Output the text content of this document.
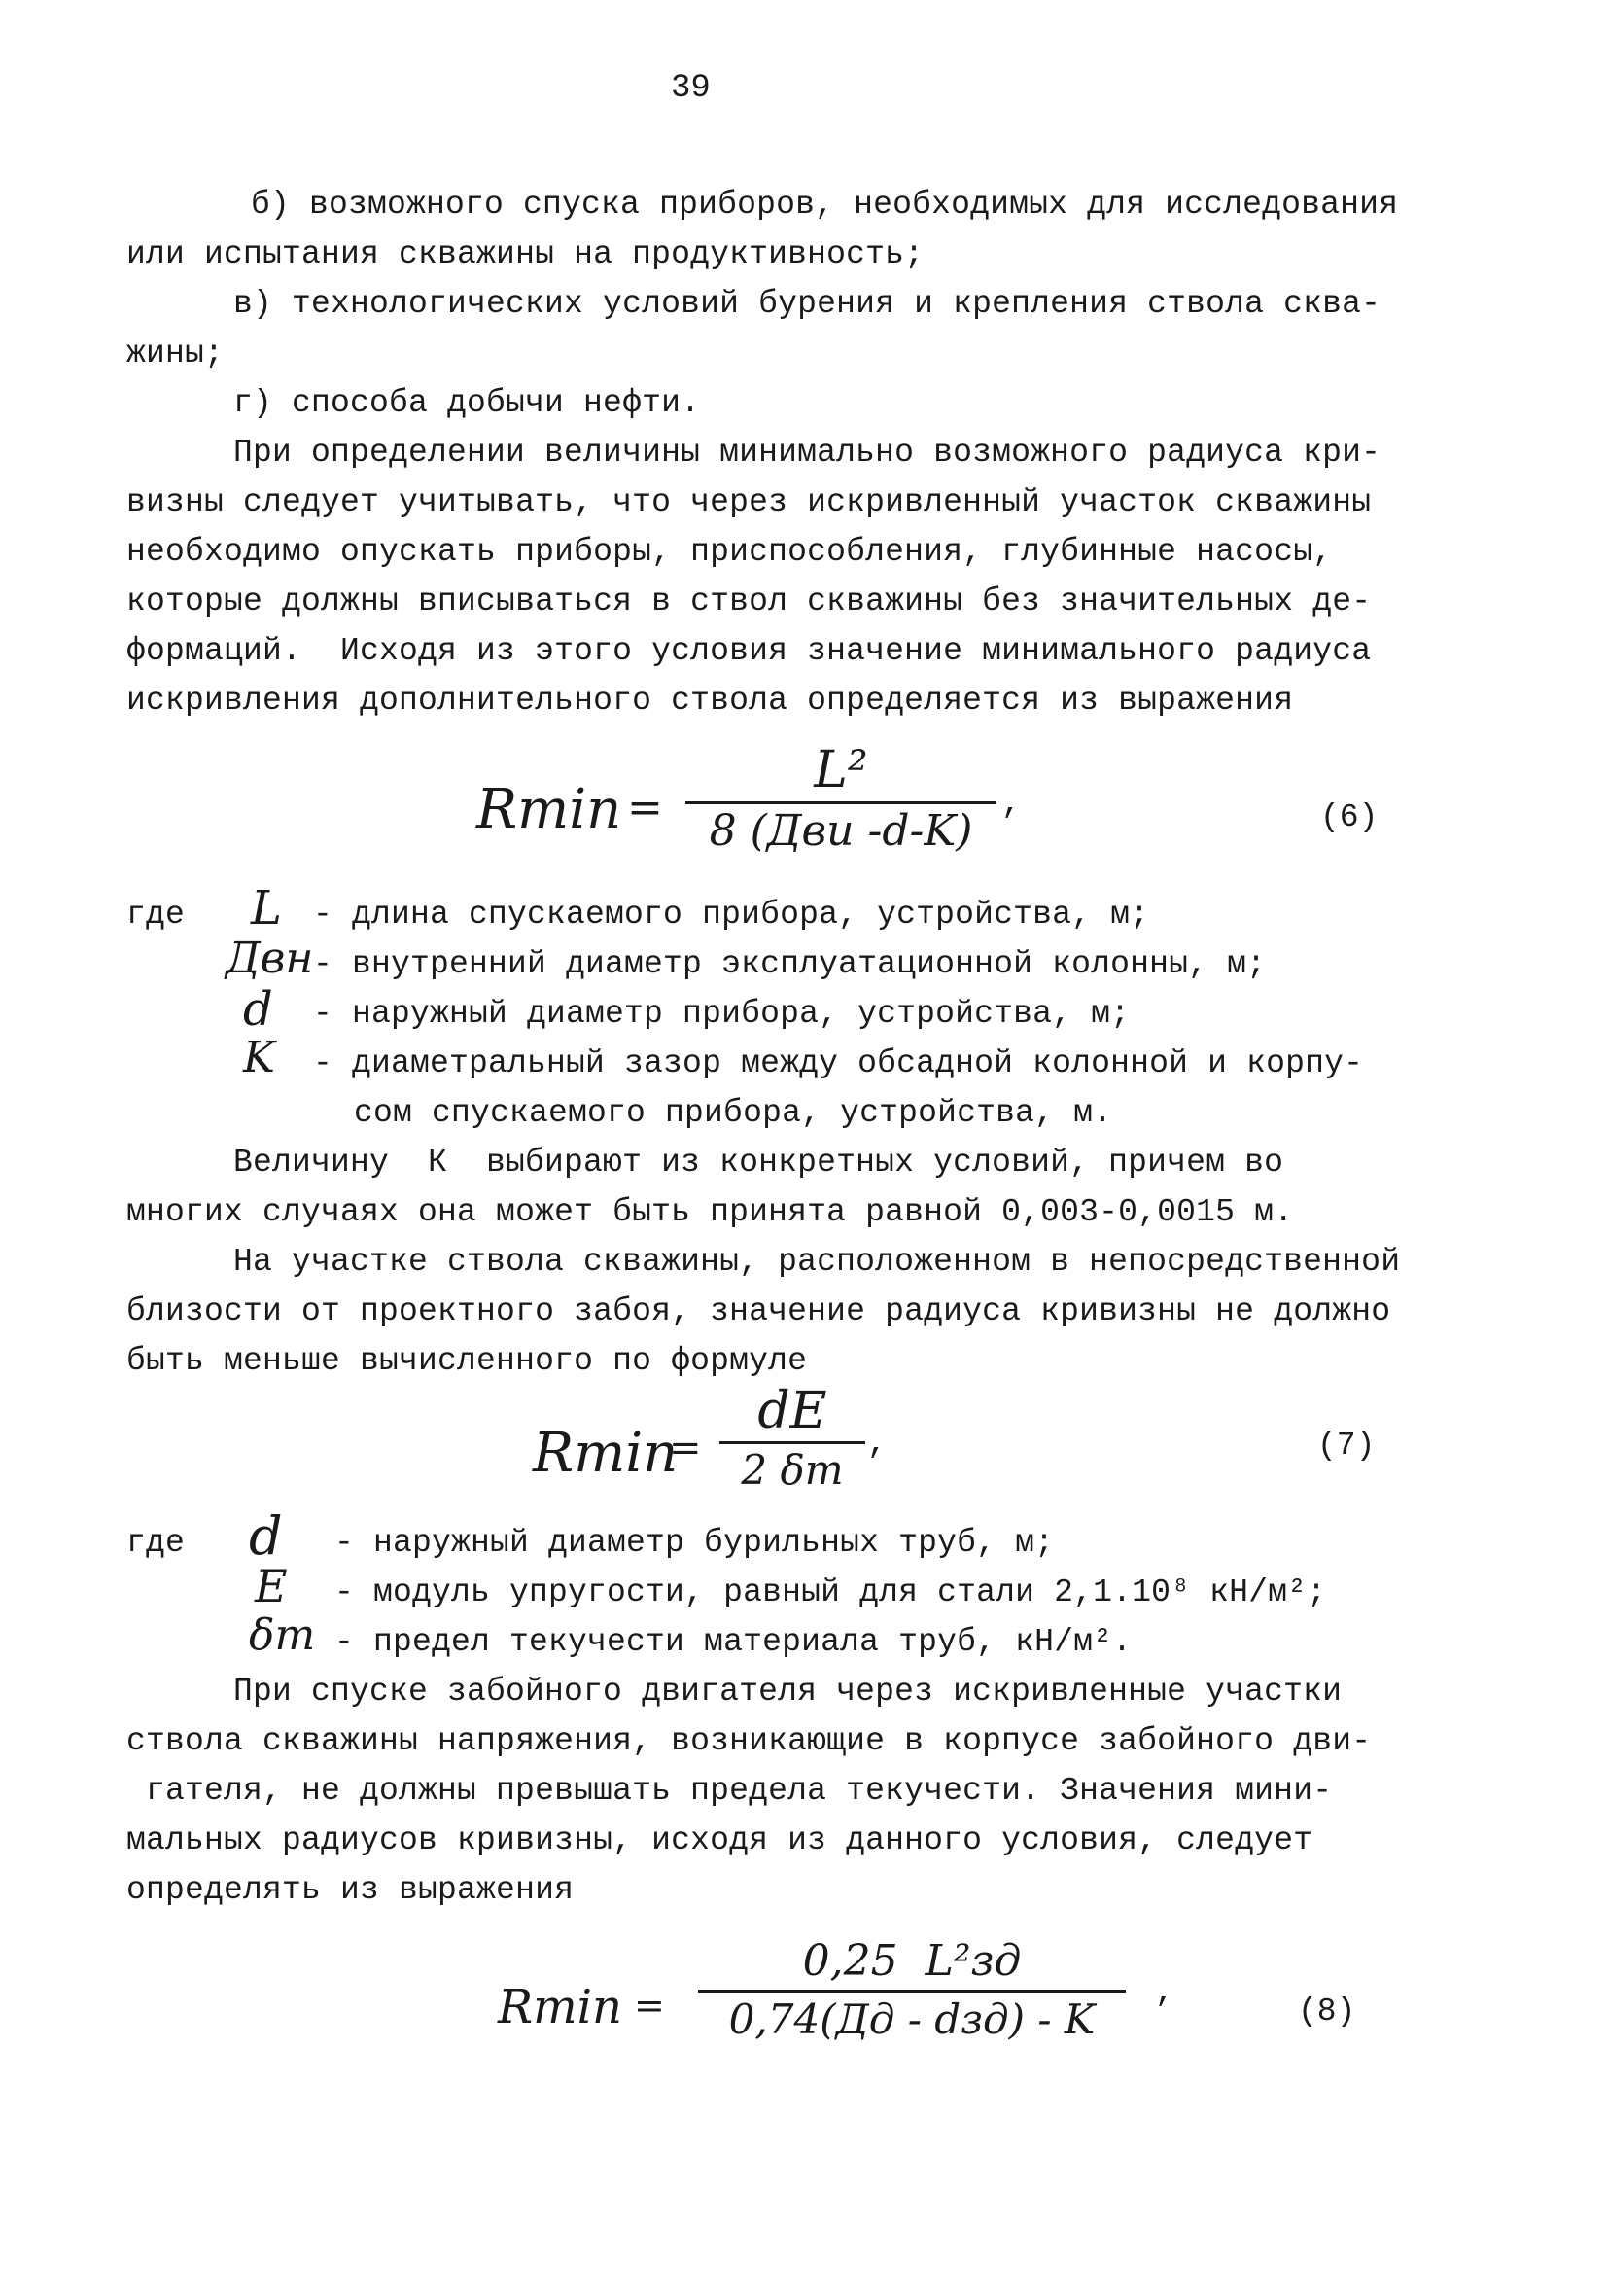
39
б) возможного спуска приборов, необходимых для исследования
или испытания скважины на продуктивность;
в) технологических условий бурения и крепления ствола сква-
жины;
г) способа добычи нефти.
При определении величины минимально возможного радиуса кри-
визны следует учитывать, что через искривленный участок скважины
необходимо опускать приборы, приспособления, глубинные насосы,
которые должны вписываться в ствол скважины без значительных де-
формаций.  Исходя из этого условия значение минимального радиуса
искривления дополнительного ствола определяется из выражения
Rmin =
L²
8 (Дви -d-K)
,	(6)
где L - длина спускаемого прибора, устройства, м;
Двн - внутренний диаметр эксплуатационной колонны, м;
d - наружный диаметр прибора, устройства, м;
K - диаметральный зазор между обсадной колонной и корпу-
сом спускаемого прибора, устройства, м.
Величину  К  выбирают из конкретных условий, причем во
многих случаях она может быть принята равной 0,003-0,0015 м.
На участке ствола скважины, расположенном в непосредственной
близости от проектного забоя, значение радиуса кривизны не должно
быть меньше вычисленного по формуле
Rmin
=
dE
2 δт
,	(7)
где d - наружный диаметр бурильных труб, м;
E - модуль упругости, равный для стали 2,1.10⁸ кН/м²;
δт - предел текучести материала труб, кН/м².
При спуске забойного двигателя через искривленные участки
ствола скважины напряжения, возникающие в корпусе забойного дви-
гателя, не должны превышать предела текучести. Значения мини-
мальных радиусов кривизны, исходя из данного условия, следует
определять из выражения
Rmin =
0,25  L²зд
0,74(Дд - dзд) - K
,
(8)
